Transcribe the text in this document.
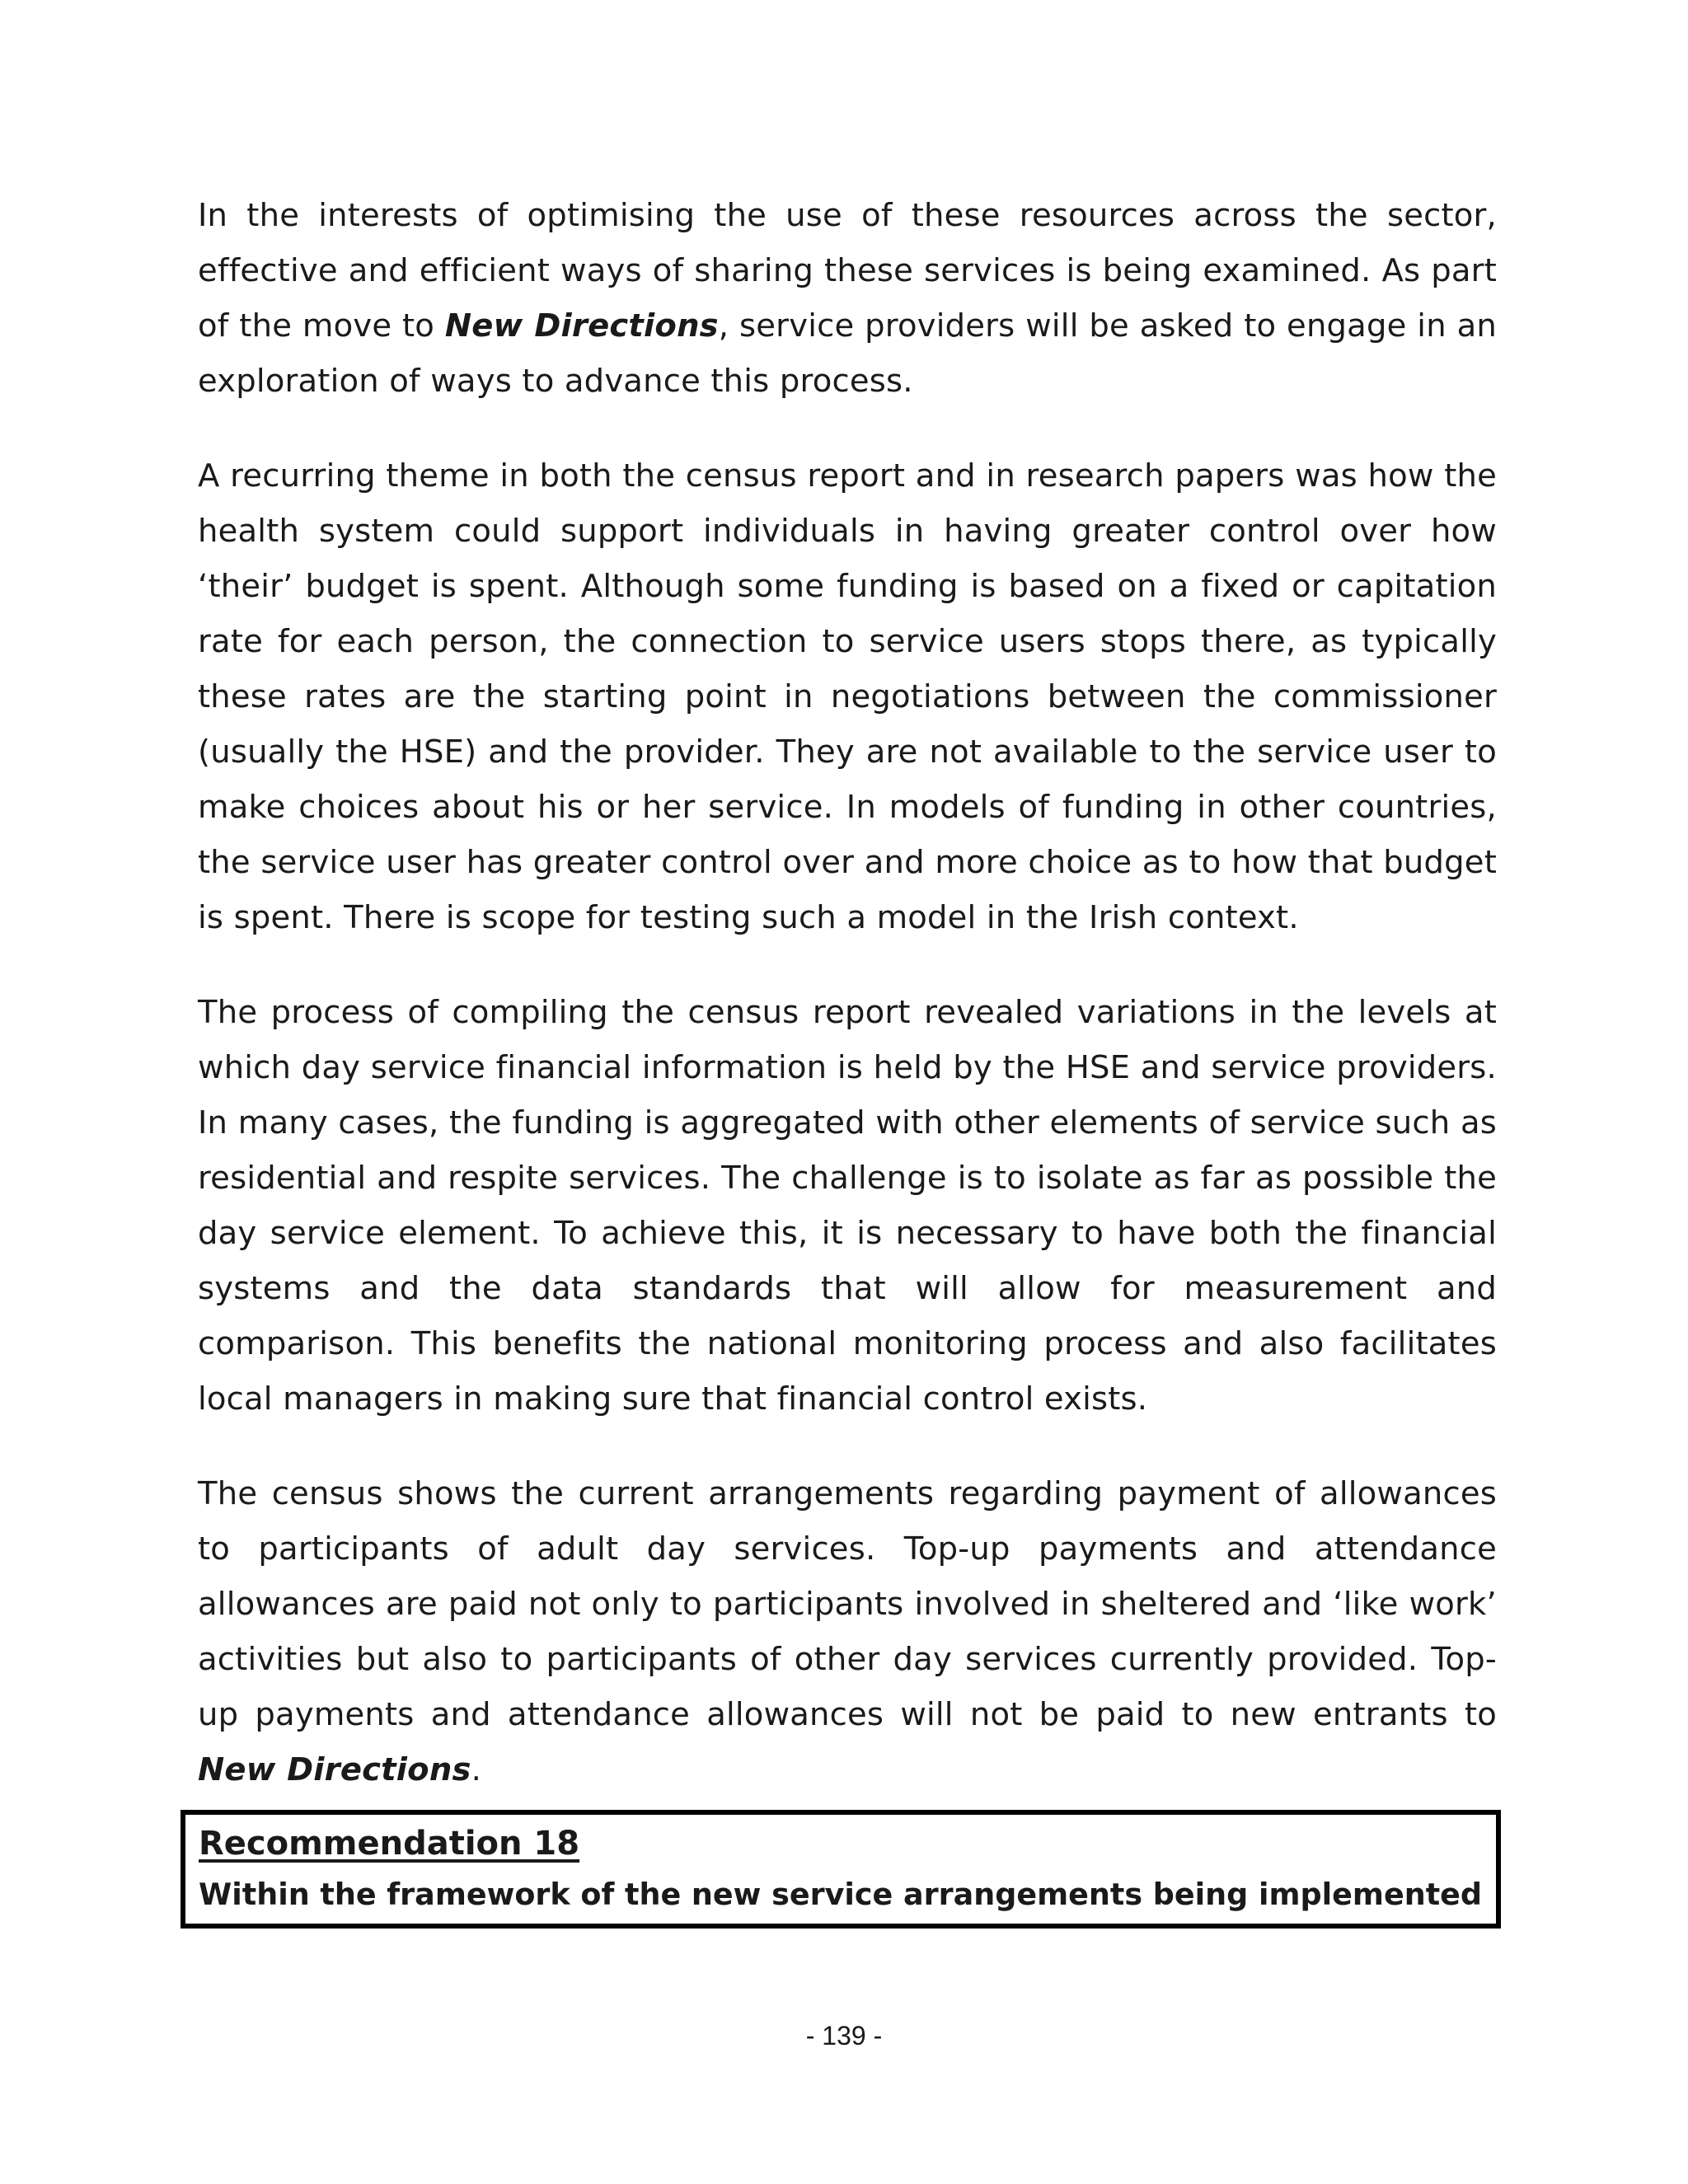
In the interests of optimising the use of these resources across the sector, effective and efficient ways of sharing these services is being examined. As part of the move to New Directions, service providers will be asked to engage in an exploration of ways to advance this process.

A recurring theme in both the census report and in research papers was how the health system could support individuals in having greater control over how ‘their’ budget is spent. Although some funding is based on a fixed or capitation rate for each person, the connection to service users stops there, as typically these rates are the starting point in negotiations between the commissioner (usually the HSE) and the provider. They are not available to the service user to make choices about his or her service. In models of funding in other countries, the service user has greater control over and more choice as to how that budget is spent. There is scope for testing such a model in the Irish context.

The process of compiling the census report revealed variations in the levels at which day service financial information is held by the HSE and service providers. In many cases, the funding is aggregated with other elements of service such as residential and respite services. The challenge is to isolate as far as possible the day service element. To achieve this, it is necessary to have both the financial systems and the data standards that will allow for measurement and comparison. This benefits the national monitoring process and also facilitates local managers in making sure that financial control exists.

The census shows the current arrangements regarding payment of allowances to participants of adult day services. Top-up payments and attendance allowances are paid not only to participants involved in sheltered and ‘like work’ activities but also to participants of other day services currently provided. Top-up payments and attendance allowances will not be paid to new entrants to New Directions.

Recommendation 18

Within the framework of the new service arrangements being implemented

- 139 -
